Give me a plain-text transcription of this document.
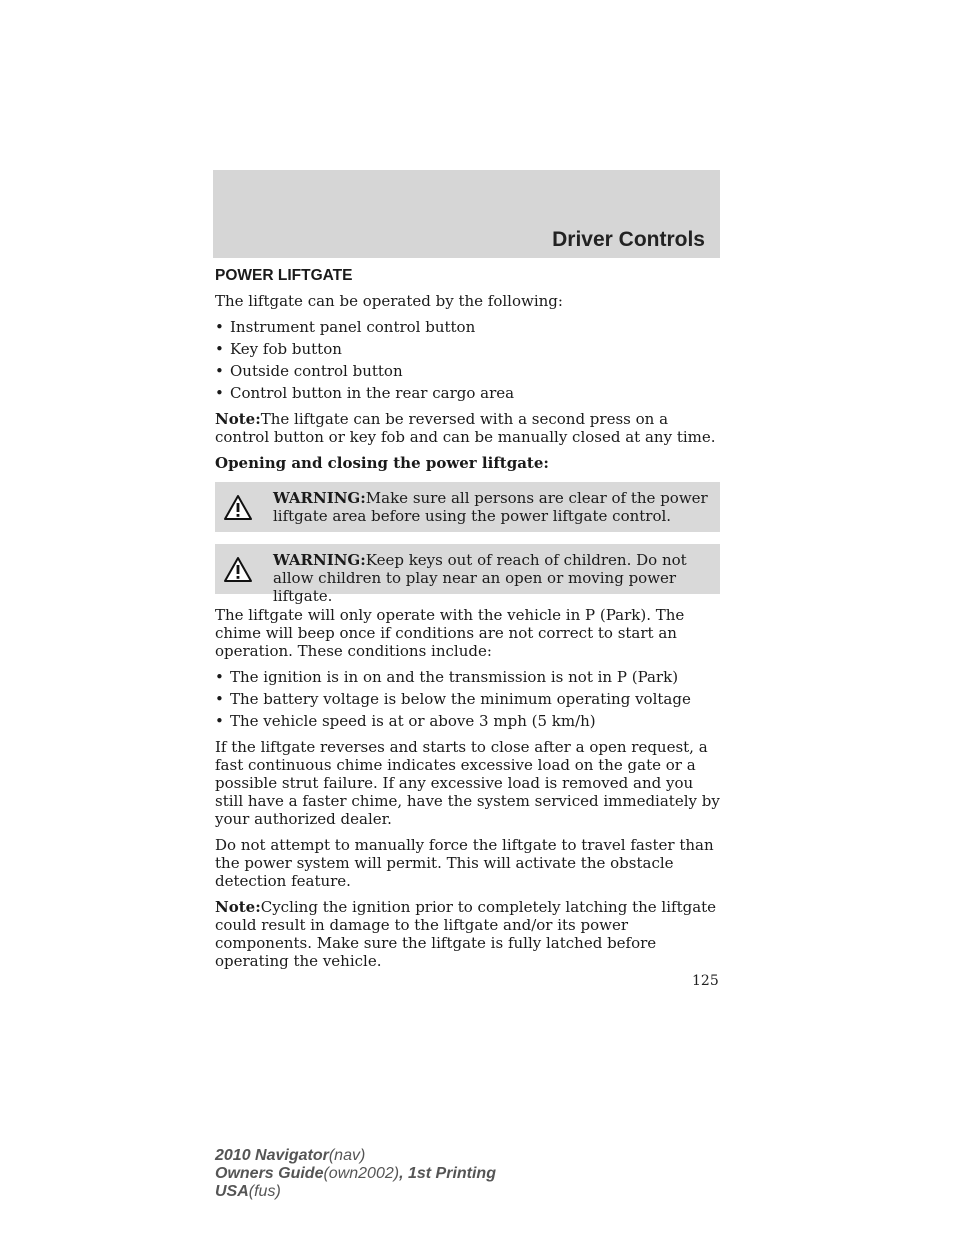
Driver Controls
POWER LIFTGATE

The liftgate can be operated by the following:

• Instrument panel control button
• Key fob button
• Outside control button
• Control button in the rear cargo area

Note:The liftgate can be reversed with a second press on a control button or key fob and can be manually closed at any time.

Opening and closing the power liftgate:

WARNING:Make sure all persons are clear of the power liftgate area before using the power liftgate control.
WARNING:Keep keys out of reach of children. Do not allow children to play near an open or moving power liftgate.

The liftgate will only operate with the vehicle in P (Park). The chime will beep once if conditions are not correct to start an operation. These conditions include:

• The ignition is in on and the transmission is not in P (Park)
• The battery voltage is below the minimum operating voltage
• The vehicle speed is at or above 3 mph (5 km/h)

If the liftgate reverses and starts to close after a open request, a fast continuous chime indicates excessive load on the gate or a possible strut failure. If any excessive load is removed and you still have a faster chime, have the system serviced immediately by your authorized dealer.

Do not attempt to manually force the liftgate to travel faster than the power system will permit. This will activate the obstacle detection feature.

Note:Cycling the ignition prior to completely latching the liftgate could result in damage to the liftgate and/or its power components. Make sure the liftgate is fully latched before operating the vehicle.

125
2010 Navigator(nav)
Owners Guide(own2002), 1st Printing
USA(fus)
